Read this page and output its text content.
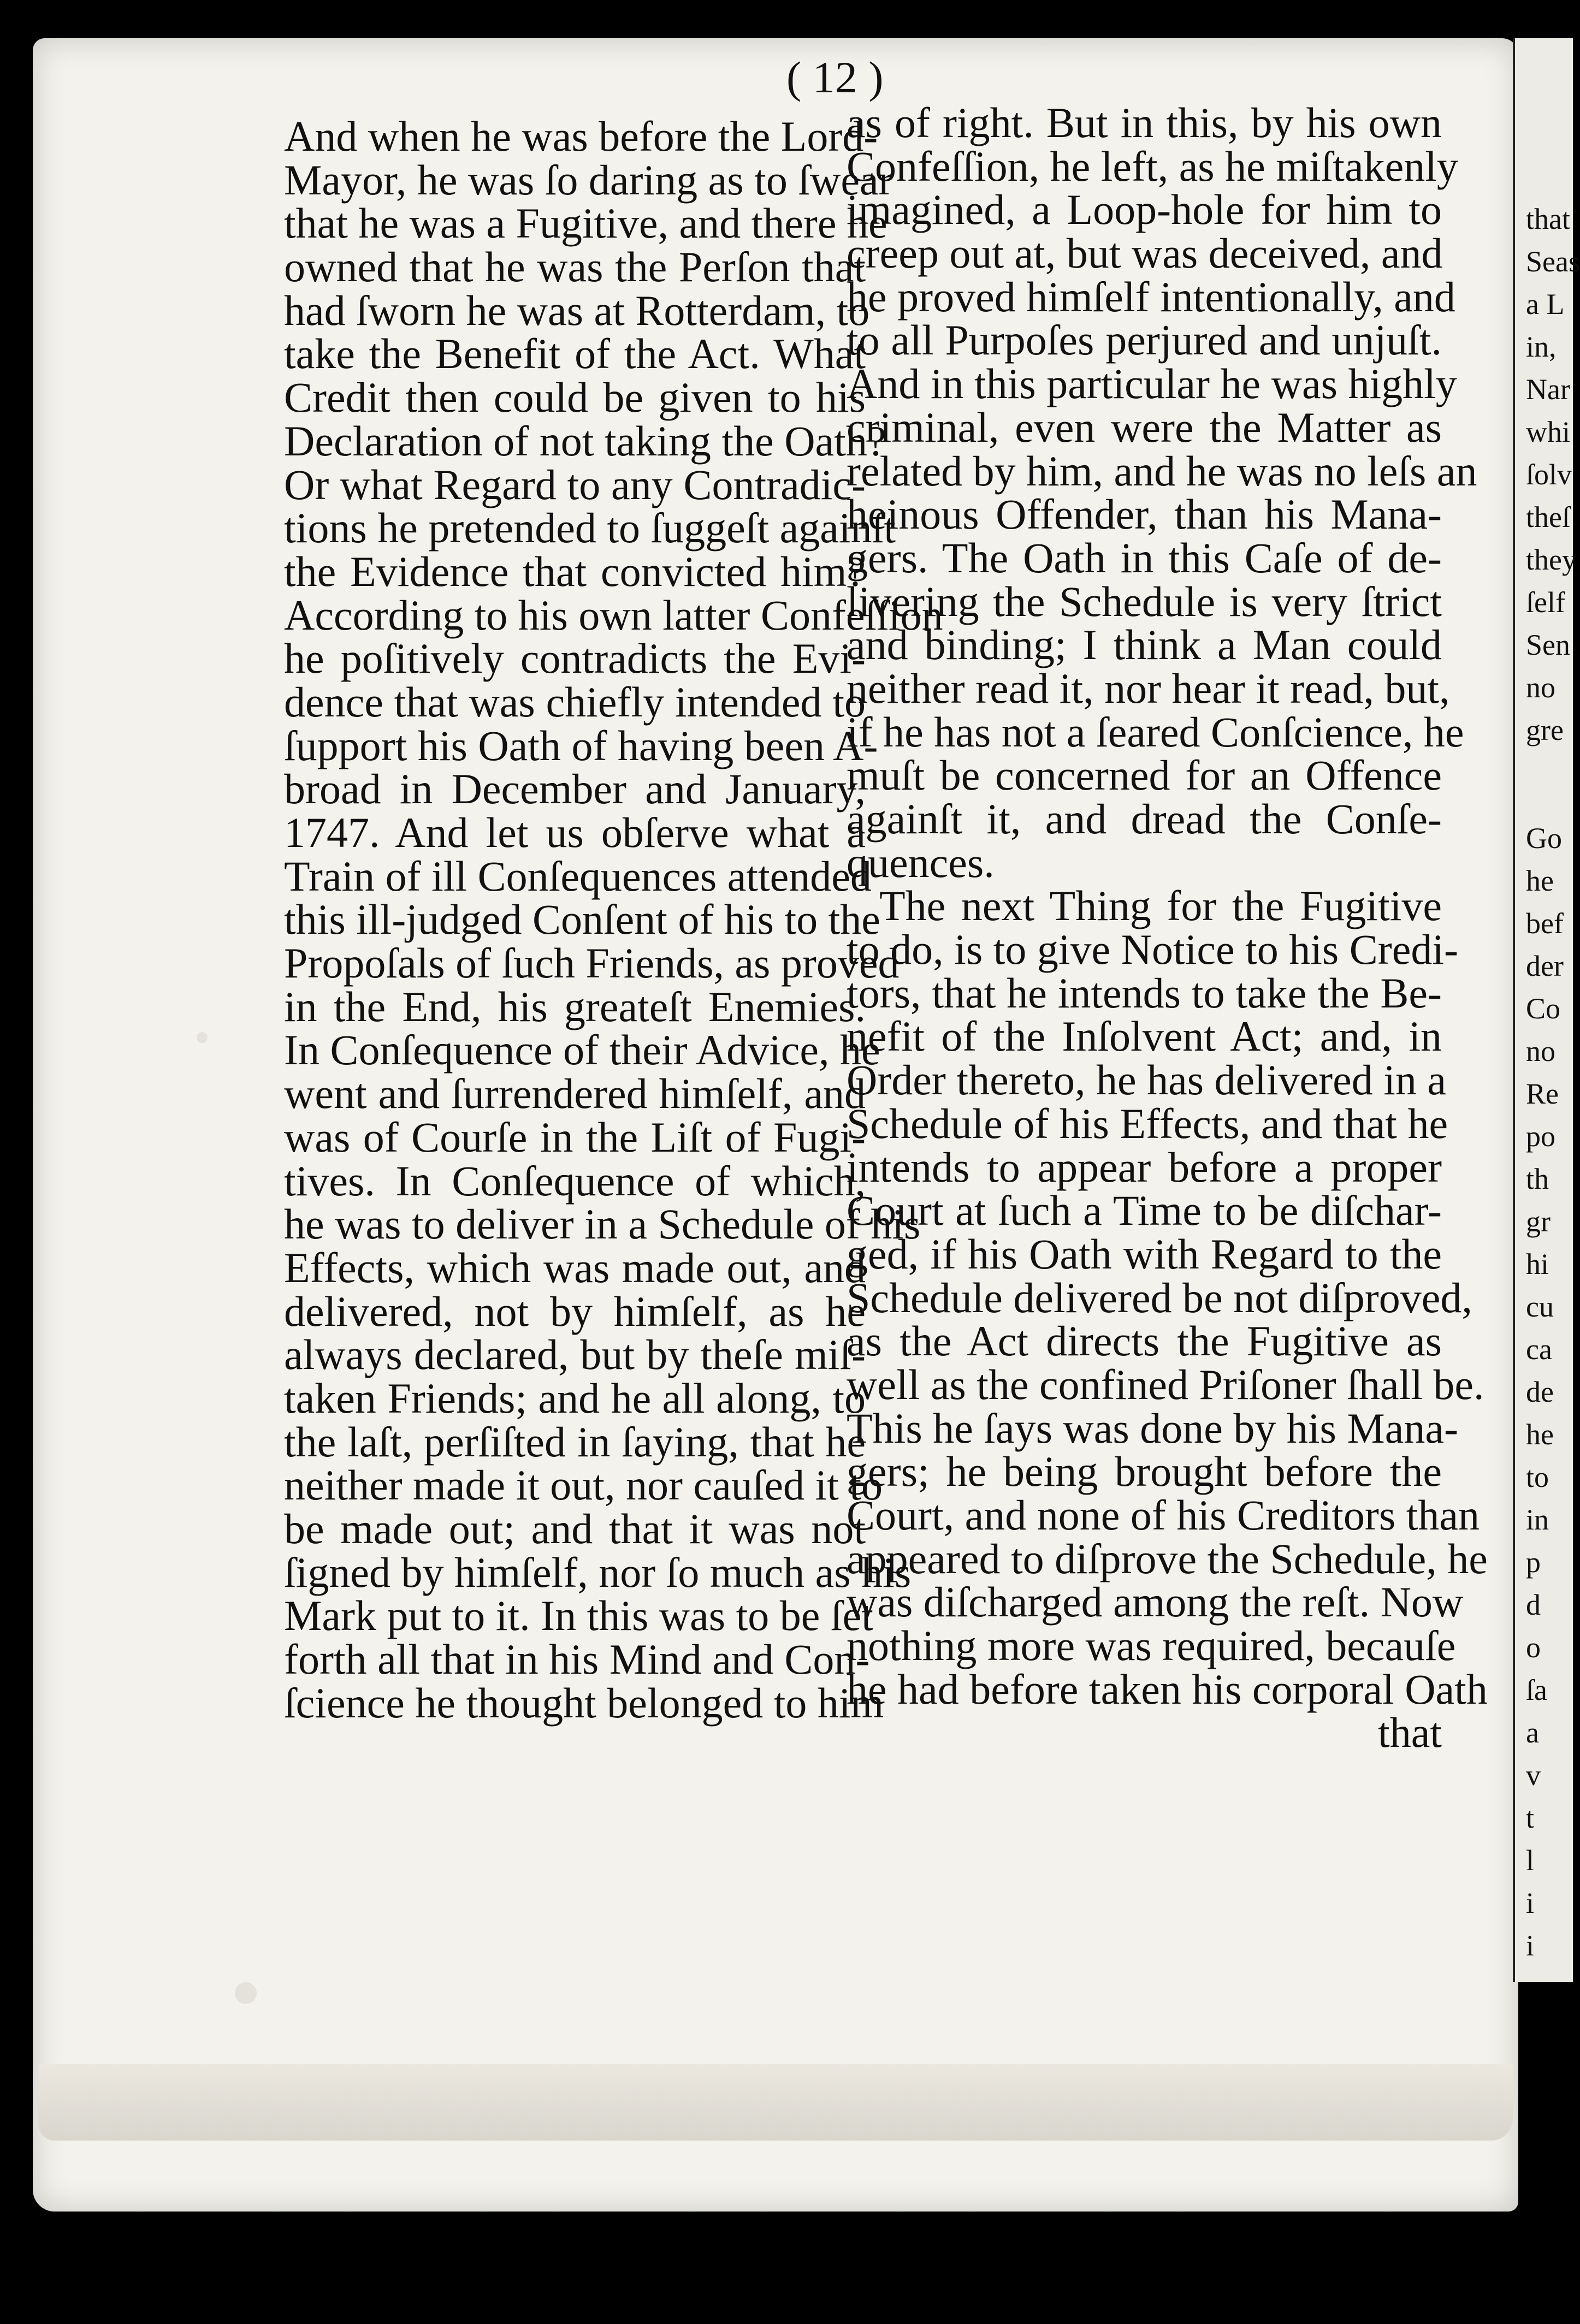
( 12 )
And when he was before the Lord-
Mayor, he was ſo daring as to ſwear
that he was a Fugitive, and there he
owned that he was the Perſon that
had ſworn he was at Rotterdam, to
take the Benefit of the Act. What
Credit then could be given to his
Declaration of not taking the Oath?
Or what Regard to any Contradic-
tions he pretended to ſuggeſt againſt
the Evidence that convicted him?
According to his own latter Confeſſion
he poſitively contradicts the Evi-
dence that was chiefly intended to
ſupport his Oath of having been A-
broad in December and January,
1747. And let us obſerve what a
Train of ill Conſequences attended
this ill-judged Conſent of his to the
Propoſals of ſuch Friends, as proved
in the End, his greateſt Enemies.
In Conſequence of their Advice, he
went and ſurrendered himſelf, and
was of Courſe in the Liſt of Fugi-
tives. In Conſequence of which,
he was to deliver in a Schedule of his
Effects, which was made out, and
delivered, not by himſelf, as he
always declared, but by theſe miſ-
taken Friends; and he all along, to
the laſt, perſiſted in ſaying, that he
neither made it out, nor cauſed it to
be made out; and that it was not
ſigned by himſelf, nor ſo much as his
Mark put to it. In this was to be ſet
forth all that in his Mind and Con-
ſcience he thought belonged to him
as of right. But in this, by his own
Confeſſion, he left, as he miſtakenly
imagined, a Loop-hole for him to
creep out at, but was deceived, and
he proved himſelf intentionally, and
to all Purpoſes perjured and unjuſt.
And in this particular he was highly
criminal, even were the Matter as
related by him, and he was no leſs an
heinous Offender, than his Mana-
gers. The Oath in this Caſe of de-
livering the Schedule is very ſtrict
and binding; I think a Man could
neither read it, nor hear it read, but,
if he has not a ſeared Conſcience, he
muſt be concerned for an Offence
againſt it, and dread the Conſe-
quences.
The next Thing for the Fugitive
to do, is to give Notice to his Credi-
tors, that he intends to take the Be-
nefit of the Inſolvent Act; and, in
Order thereto, he has delivered in a
Schedule of his Effects, and that he
intends to appear before a proper
Court at ſuch a Time to be diſchar-
ged, if his Oath with Regard to the
Schedule delivered be not diſproved,
as the Act directs the Fugitive as
well as the confined Priſoner ſhall be.
This he ſays was done by his Mana-
gers; he being brought before the
Court, and none of his Creditors than
appeared to diſprove the Schedule, he
was diſcharged among the reſt. Now
nothing more was required, becauſe
he had before taken his corporal Oath
that
that
Seas
a L
in,
Nar
whi
ſolv
theſ
they
ſelf
Sen
no
gre
Go
he
bef
der
Co
no
Re
po
th
gr
hi
cu
ca
de
he
to
in
p
d
o
ſa
a
v
t
l
i
i
